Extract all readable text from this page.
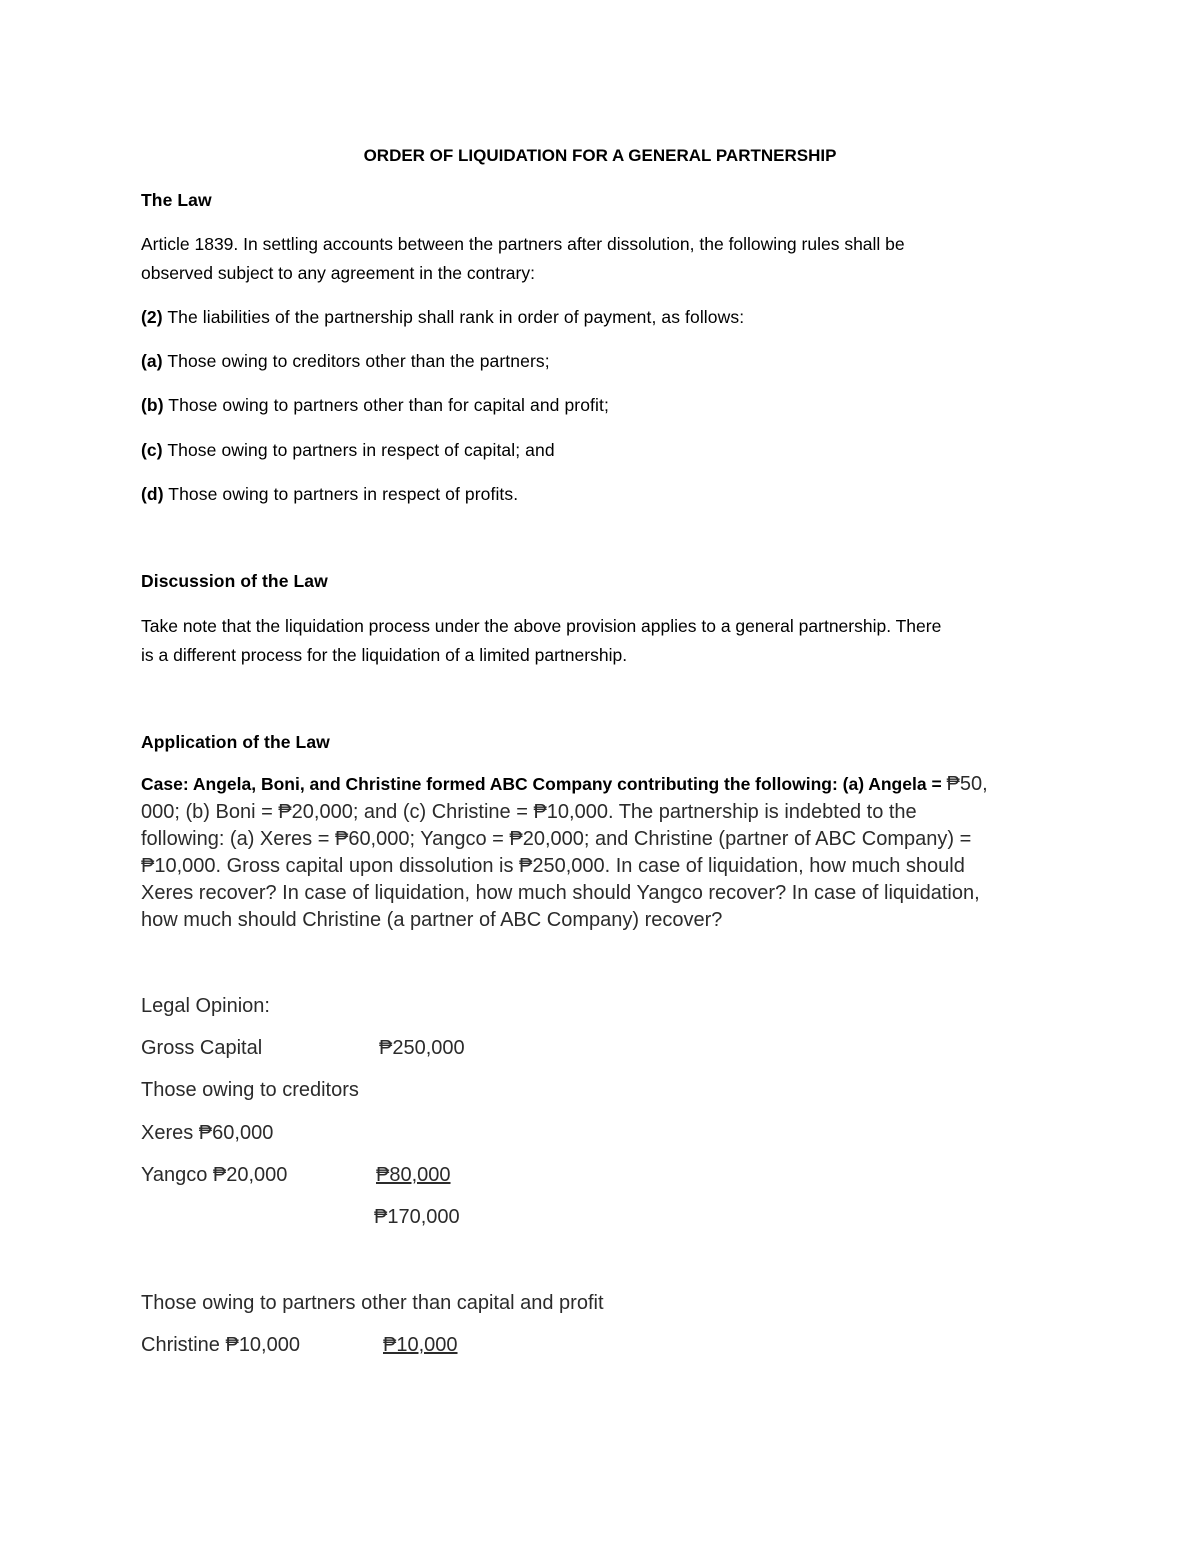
ORDER OF LIQUIDATION FOR A GENERAL PARTNERSHIP
The Law
Article 1839. In settling accounts between the partners after dissolution, the following rules shall be
observed subject to any agreement in the contrary:
(2) The liabilities of the partnership shall rank in order of payment, as follows:
(a) Those owing to creditors other than the partners;
(b) Those owing to partners other than for capital and profit;
(c) Those owing to partners in respect of capital; and
(d) Those owing to partners in respect of profits.
Discussion of the Law
Take note that the liquidation process under the above provision applies to a general partnership. There
is a different process for the liquidation of a limited partnership.
Application of the Law
Case: Angela, Boni, and Christine formed ABC Company contributing the following: (a) Angela = ₱50,
000; (b) Boni = ₱20,000; and (c) Christine = ₱10,000. The partnership is indebted to the
following: (a) Xeres = ₱60,000; Yangco = ₱20,000; and Christine (partner of ABC Company) =
₱10,000. Gross capital upon dissolution is ₱250,000. In case of liquidation, how much should
Xeres recover? In case of liquidation, how much should Yangco recover? In case of liquidation,
how much should Christine (a partner of ABC Company) recover?
Legal Opinion:
Gross Capital	₱250,000
Those owing to creditors
Xeres ₱60,000
Yangco ₱20,000	₱80,000
₱170,000
Those owing to partners other than capital and profit
Christine ₱10,000	₱10,000
